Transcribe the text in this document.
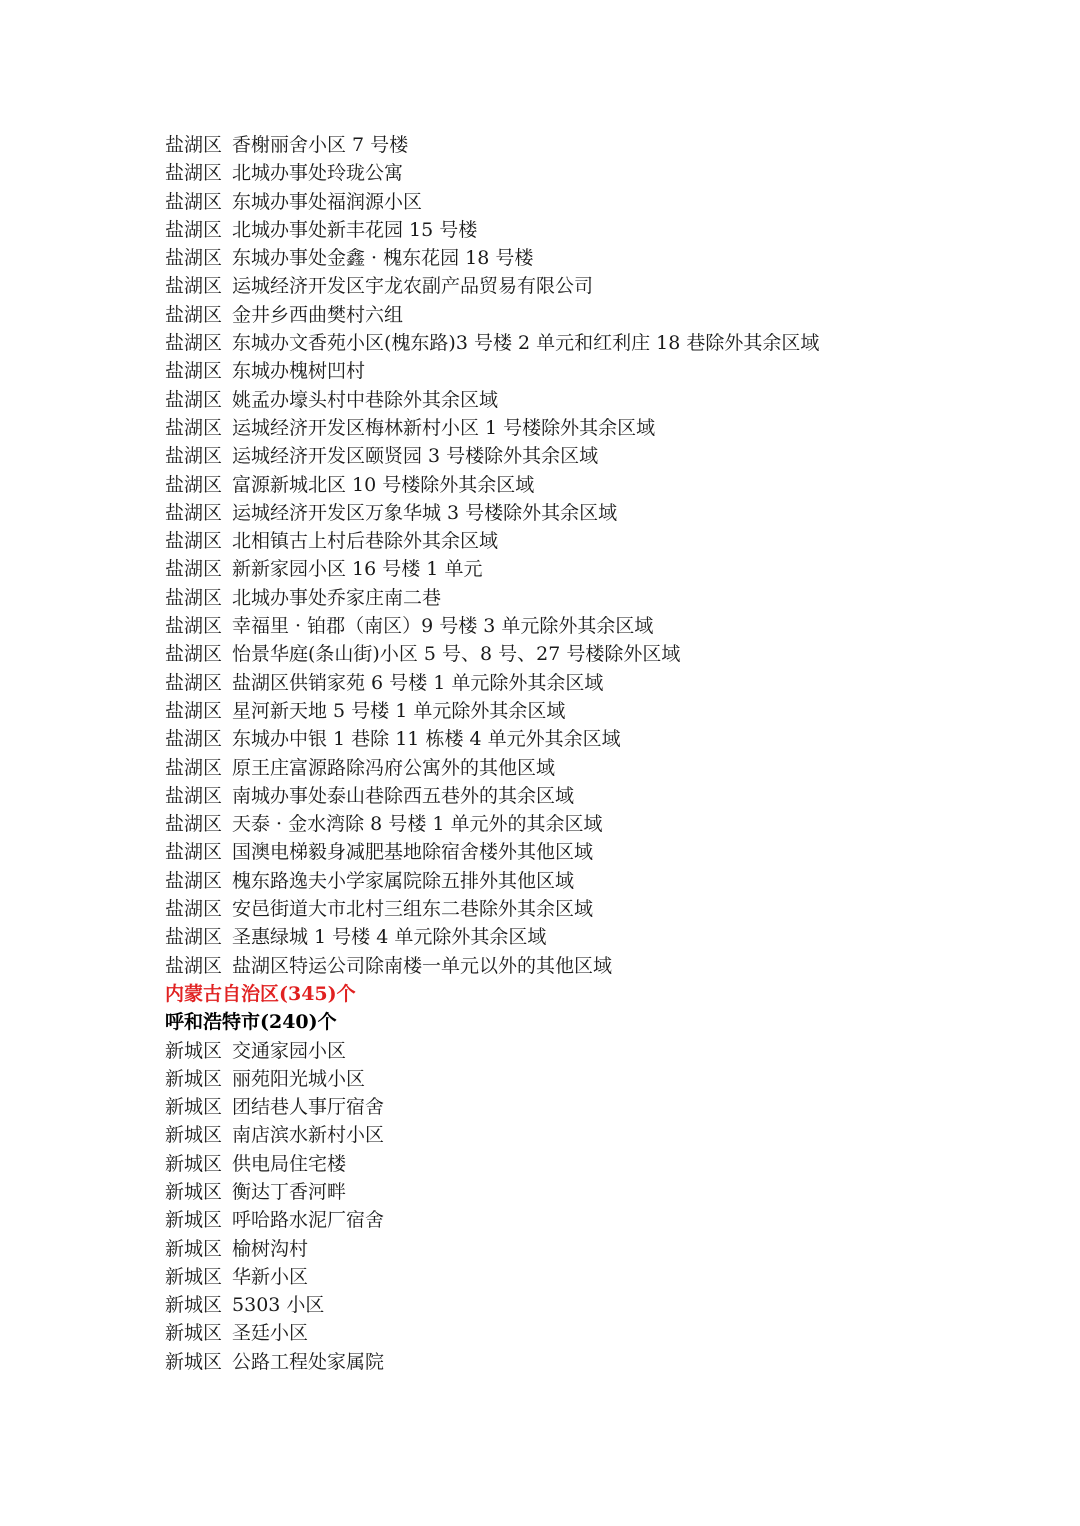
盐湖区 香榭丽舍小区 7 号楼
盐湖区 北城办事处玲珑公寓
盐湖区 东城办事处福润源小区
盐湖区 北城办事处新丰花园 15 号楼
盐湖区 东城办事处金鑫 · 槐东花园 18 号楼
盐湖区 运城经济开发区宇龙农副产品贸易有限公司
盐湖区 金井乡西曲樊村六组
盐湖区 东城办文香苑小区(槐东路)3 号楼 2 单元和红利庄 18 巷除外其余区域
盐湖区 东城办槐树凹村
盐湖区 姚孟办壕头村中巷除外其余区域
盐湖区 运城经济开发区梅林新村小区 1 号楼除外其余区域
盐湖区 运城经济开发区颐贤园 3 号楼除外其余区域
盐湖区 富源新城北区 10 号楼除外其余区域
盐湖区 运城经济开发区万象华城 3 号楼除外其余区域
盐湖区 北相镇古上村后巷除外其余区域
盐湖区 新新家园小区 16 号楼 1 单元
盐湖区 北城办事处乔家庄南二巷
盐湖区 幸福里 · 铂郡（南区）9 号楼 3 单元除外其余区域
盐湖区 怡景华庭(条山街)小区 5 号、8 号、27 号楼除外区域
盐湖区 盐湖区供销家苑 6 号楼 1 单元除外其余区域
盐湖区 星河新天地 5 号楼 1 单元除外其余区域
盐湖区 东城办中银 1 巷除 11 栋楼 4 单元外其余区域
盐湖区 原王庄富源路除冯府公寓外的其他区域
盐湖区 南城办事处泰山巷除西五巷外的其余区域
盐湖区 天泰 · 金水湾除 8 号楼 1 单元外的其余区域
盐湖区 国澳电梯毅身减肥基地除宿舍楼外其他区域
盐湖区 槐东路逸夫小学家属院除五排外其他区域
盐湖区 安邑街道大市北村三组东二巷除外其余区域
盐湖区 圣惠绿城 1 号楼 4 单元除外其余区域
盐湖区 盐湖区特运公司除南楼一单元以外的其他区域
内蒙古自治区(345)个
呼和浩特市(240)个
新城区 交通家园小区
新城区 丽苑阳光城小区
新城区 团结巷人事厅宿舍
新城区 南店滨水新村小区
新城区 供电局住宅楼
新城区 衡达丁香河畔
新城区 呼哈路水泥厂宿舍
新城区 榆树沟村
新城区 华新小区
新城区 5303 小区
新城区 圣廷小区
新城区 公路工程处家属院
